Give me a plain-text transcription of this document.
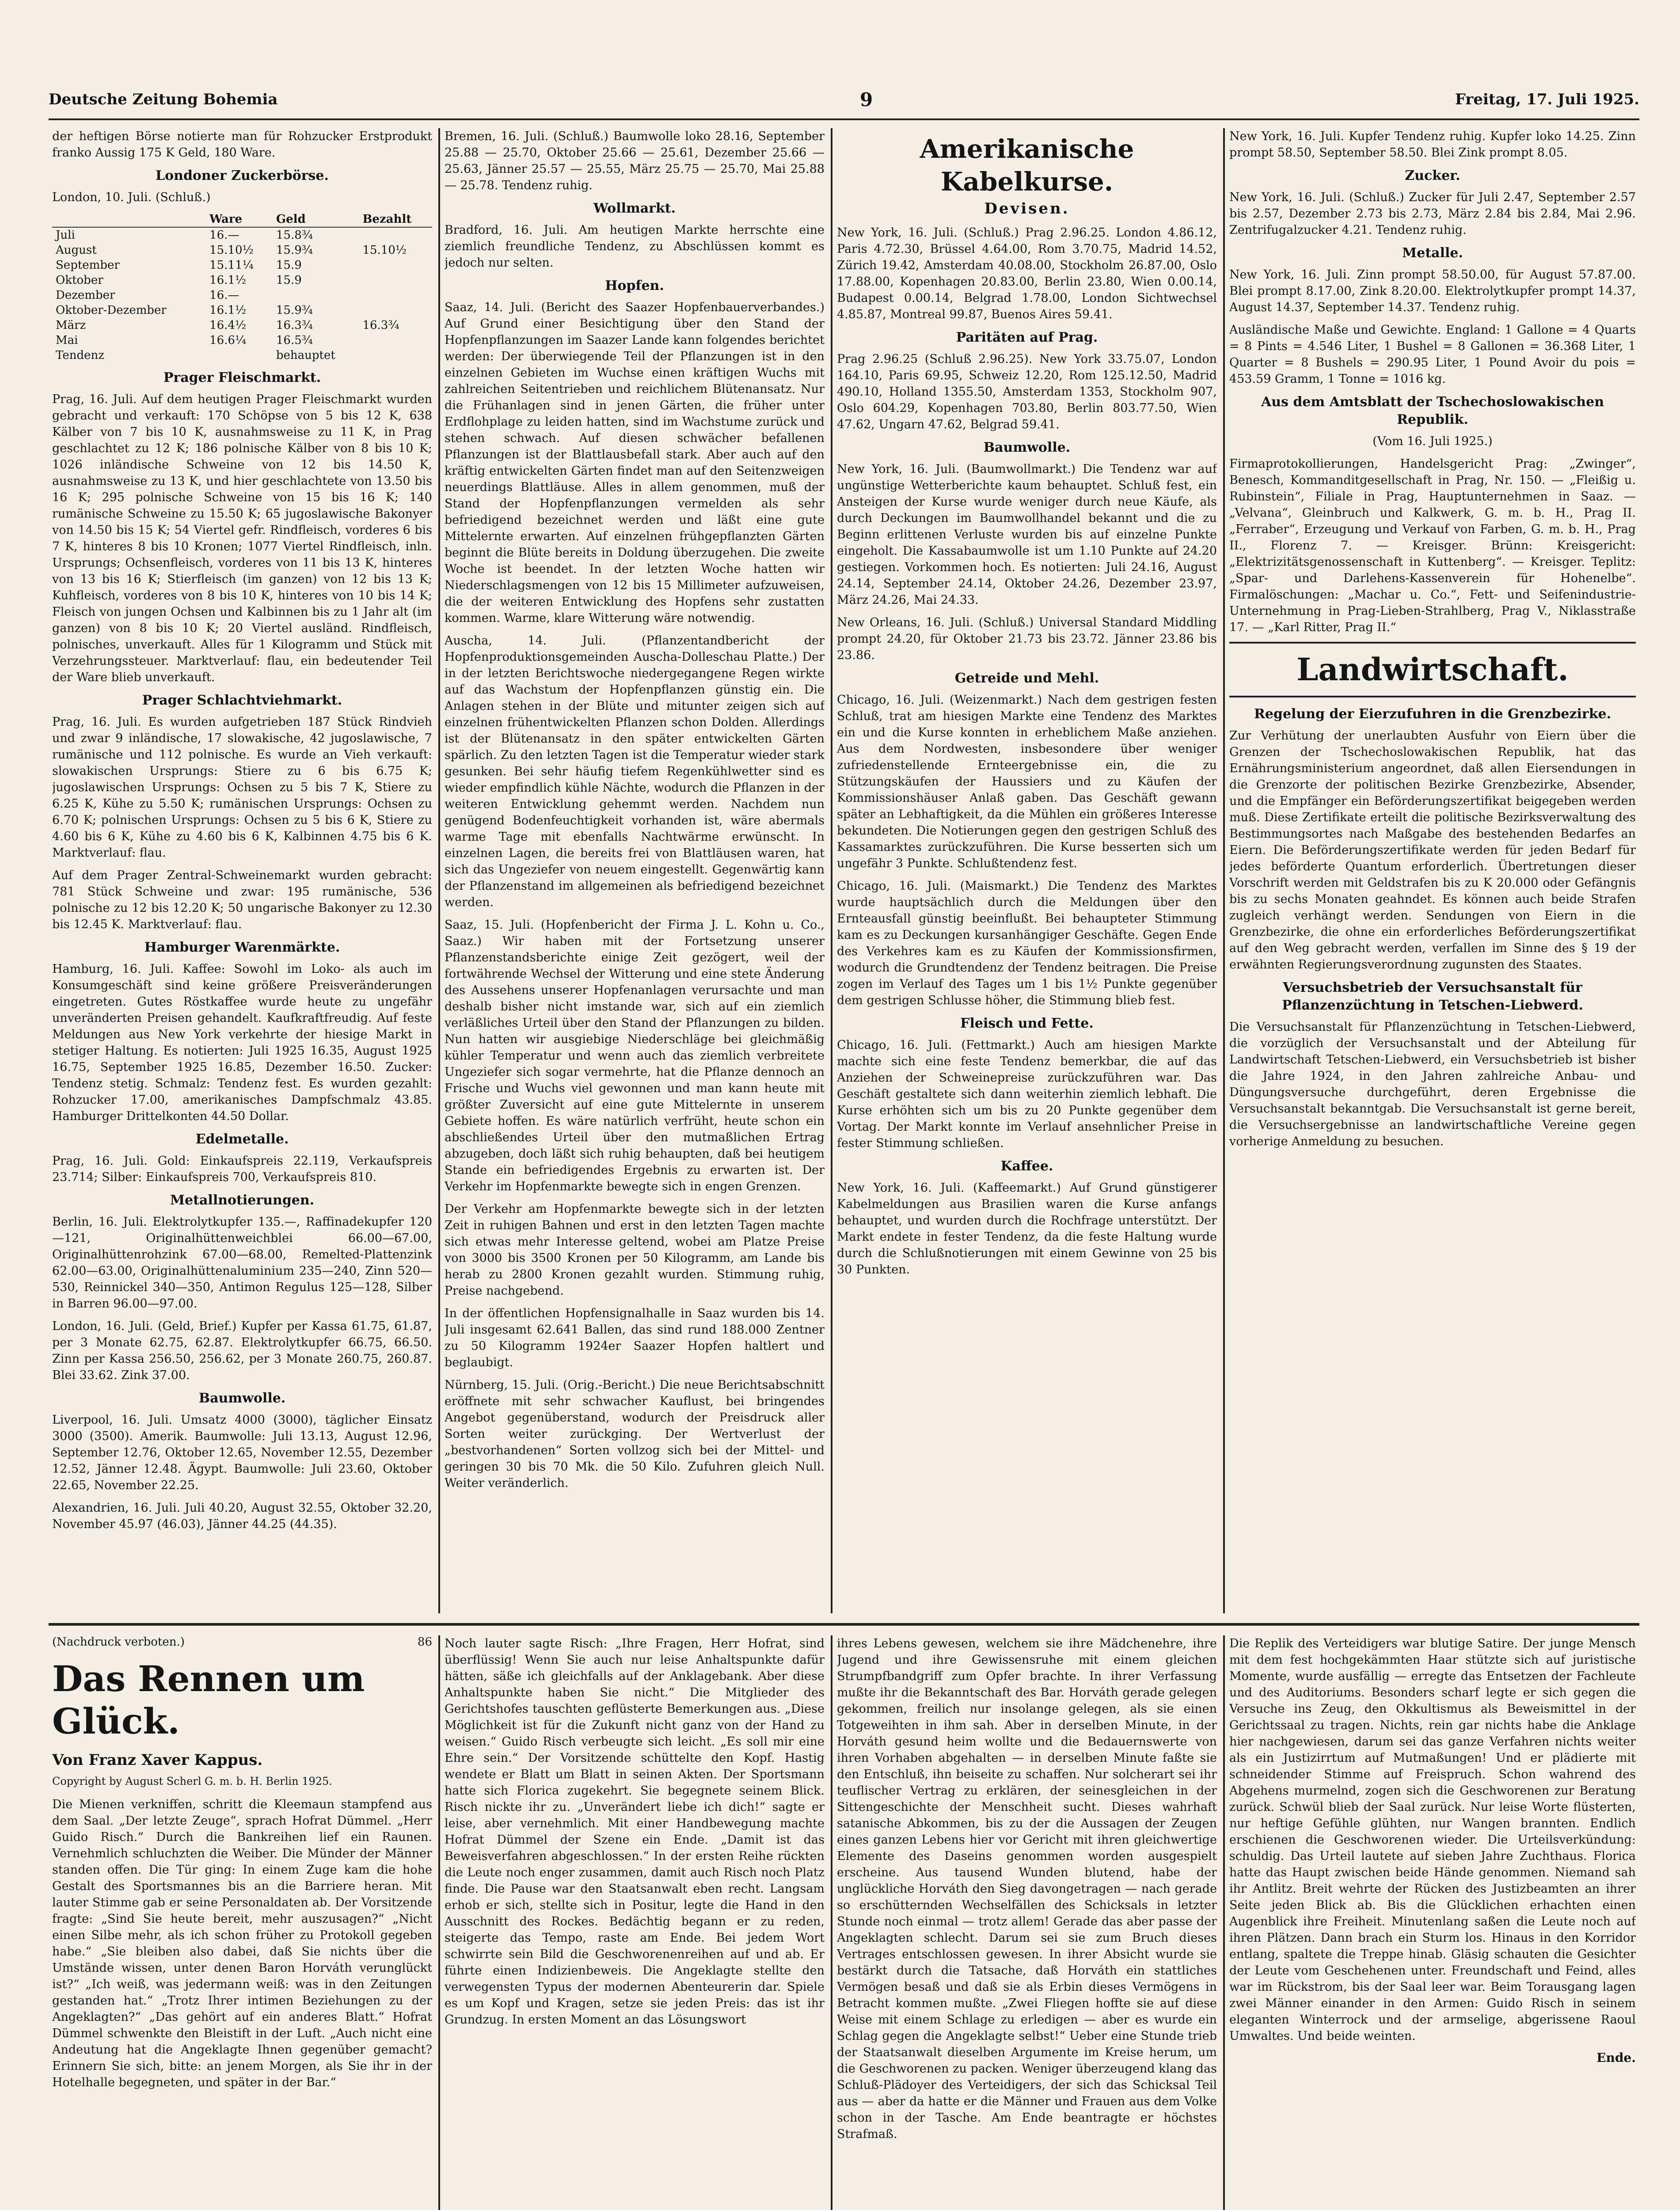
Deutsche Zeitung Bohemia	9	Freitag, 17. Juli 1925.

der heftigen Börse notierte man für Rohzucker Erstprodukt franko Aussig 175 K Geld, 180 Ware.

Londoner Zuckerbörse.

London, 10. Juli. (Schluß.)

	Ware	Geld	Bezahlt
Juli	16.—	15.8¾	
August	15.10½	15.9¾	15.10½
September	15.11¼	15.9	
Oktober	16.1½	15.9	
Dezember	16.—		
Oktober-Dezember	16.1½	15.9¾	
März	16.4½	16.3¾	16.3¾
Mai	16.6¼	16.5¾	
Tendenz		behauptet	
Prager Fleischmarkt.

Prag, 16. Juli. Auf dem heutigen Prager Fleischmarkt wurden gebracht und verkauft: 170 Schöpse von 5 bis 12 K, 638 Kälber von 7 bis 10 K, ausnahmsweise zu 11 K, in Prag geschlachtet zu 12 K; 186 polnische Kälber von 8 bis 10 K; 1026 inländische Schweine von 12 bis 14.50 K, ausnahmsweise zu 13 K, und hier geschlachtete von 13.50 bis 16 K; 295 polnische Schweine von 15 bis 16 K; 140 rumänische Schweine zu 15.50 K; 65 jugoslawische Bakonyer von 14.50 bis 15 K; 54 Viertel gefr. Rindfleisch, vorderes 6 bis 7 K, hinteres 8 bis 10 Kronen; 1077 Viertel Rindfleisch, inln. Ursprungs; Ochsenfleisch, vorderes von 11 bis 13 K, hinteres von 13 bis 16 K; Stierfleisch (im ganzen) von 12 bis 13 K; Kuhfleisch, vorderes von 8 bis 10 K, hinteres von 10 bis 14 K; Fleisch von jungen Ochsen und Kalbinnen bis zu 1 Jahr alt (im ganzen) von 8 bis 10 K; 20 Viertel ausländ. Rindfleisch, polnisches, unverkauft. Alles für 1 Kilogramm und Stück mit Verzehrungssteuer. Marktverlauf: flau, ein bedeutender Teil der Ware blieb unverkauft.

Prager Schlachtviehmarkt.

Prag, 16. Juli. Es wurden aufgetrieben 187 Stück Rindvieh und zwar 9 inländische, 17 slowakische, 42 jugoslawische, 7 rumänische und 112 polnische. Es wurde an Vieh verkauft: slowakischen Ursprungs: Stiere zu 6 bis 6.75 K; jugoslawischen Ursprungs: Ochsen zu 5 bis 7 K, Stiere zu 6.25 K, Kühe zu 5.50 K; rumänischen Ursprungs: Ochsen zu 6.70 K; polnischen Ursprungs: Ochsen zu 5 bis 6 K, Stiere zu 4.60 bis 6 K, Kühe zu 4.60 bis 6 K, Kalbinnen 4.75 bis 6 K. Marktverlauf: flau.

Auf dem Prager Zentral-Schweinemarkt wurden gebracht: 781 Stück Schweine und zwar: 195 rumänische, 536 polnische zu 12 bis 12.20 K; 50 ungarische Bakonyer zu 12.30 bis 12.45 K. Marktverlauf: flau.

Hamburger Warenmärkte.

Hamburg, 16. Juli. Kaffee: Sowohl im Loko- als auch im Konsumgeschäft sind keine größere Preisveränderungen eingetreten. Gutes Röstkaffee wurde heute zu ungefähr unveränderten Preisen gehandelt. Kaufkraftfreudig. Auf feste Meldungen aus New York verkehrte der hiesige Markt in stetiger Haltung. Es notierten: Juli 1925 16.35, August 1925 16.75, September 1925 16.85, Dezember 16.50. Zucker: Tendenz stetig. Schmalz: Tendenz fest. Es wurden gezahlt: Rohzucker 17.00, amerikanisches Dampfschmalz 43.85. Hamburger Drittelkonten 44.50 Dollar.

Edelmetalle.

Prag, 16. Juli. Gold: Einkaufspreis 22.119, Verkaufspreis 23.714; Silber: Einkaufspreis 700, Verkaufspreis 810.

Metallnotierungen.

Berlin, 16. Juli. Elektrolytkupfer 135.—, Raffinadekupfer 120—121, Originalhüttenweichblei 66.00—67.00, Originalhüttenrohzink 67.00—68.00, Remelted-Plattenzink 62.00—63.00, Originalhüttenaluminium 235—240, Zinn 520—530, Reinnickel 340—350, Antimon Regulus 125—128, Silber in Barren 96.00—97.00.

London, 16. Juli. (Geld, Brief.) Kupfer per Kassa 61.75, 61.87, per 3 Monate 62.75, 62.87. Elektrolytkupfer 66.75, 66.50. Zinn per Kassa 256.50, 256.62, per 3 Monate 260.75, 260.87. Blei 33.62. Zink 37.00.

Baumwolle.

Liverpool, 16. Juli. Umsatz 4000 (3000), täglicher Einsatz 3000 (3500). Amerik. Baumwolle: Juli 13.13, August 12.96, September 12.76, Oktober 12.65, November 12.55, Dezember 12.52, Jänner 12.48. Ägypt. Baumwolle: Juli 23.60, Oktober 22.65, November 22.25.

Alexandrien, 16. Juli. Juli 40.20, August 32.55, Oktober 32.20, November 45.97 (46.03), Jänner 44.25 (44.35).

Bremen, 16. Juli. (Schluß.) Baumwolle loko 28.16, September 25.88 — 25.70, Oktober 25.66 — 25.61, Dezember 25.66 — 25.63, Jänner 25.57 — 25.55, März 25.75 — 25.70, Mai 25.88 — 25.78. Tendenz ruhig.

Wollmarkt.

Bradford, 16. Juli. Am heutigen Markte herrschte eine ziemlich freundliche Tendenz, zu Abschlüssen kommt es jedoch nur selten.

Hopfen.

Saaz, 14. Juli. (Bericht des Saazer Hopfenbauerverbandes.) Auf Grund einer Besichtigung über den Stand der Hopfenpflanzungen im Saazer Lande kann folgendes berichtet werden: Der überwiegende Teil der Pflanzungen ist in den einzelnen Gebieten im Wuchse einen kräftigen Wuchs mit zahlreichen Seitentrieben und reichlichem Blütenansatz. Nur die Frühanlagen sind in jenen Gärten, die früher unter Erdflohplage zu leiden hatten, sind im Wachstume zurück und stehen schwach. Auf diesen schwächer befallenen Pflanzungen ist der Blattlausbefall stark. Aber auch auf den kräftig entwickelten Gärten findet man auf den Seitenzweigen neuerdings Blattläuse. Alles in allem genommen, muß der Stand der Hopfenpflanzungen vermelden als sehr befriedigend bezeichnet werden und läßt eine gute Mittelernte erwarten. Auf einzelnen frühgepflanzten Gärten beginnt die Blüte bereits in Doldung überzugehen. Die zweite Woche ist beendet. In der letzten Woche hatten wir Niederschlagsmengen von 12 bis 15 Millimeter aufzuweisen, die der weiteren Entwicklung des Hopfens sehr zustatten kommen. Warme, klare Witterung wäre notwendig.

Auscha, 14. Juli. (Pflanzentandbericht der Hopfenproduktionsgemeinden Auscha-Dolleschau Platte.) Der in der letzten Berichtswoche niedergegangene Regen wirkte auf das Wachstum der Hopfenpflanzen günstig ein. Die Anlagen stehen in der Blüte und mitunter zeigen sich auf einzelnen frühentwickelten Pflanzen schon Dolden. Allerdings ist der Blütenansatz in den später entwickelten Gärten spärlich. Zu den letzten Tagen ist die Temperatur wieder stark gesunken. Bei sehr häufig tiefem Regenkühlwetter sind es wieder empfindlich kühle Nächte, wodurch die Pflanzen in der weiteren Entwicklung gehemmt werden. Nachdem nun genügend Bodenfeuchtigkeit vorhanden ist, wäre abermals warme Tage mit ebenfalls Nachtwärme erwünscht. In einzelnen Lagen, die bereits frei von Blattläusen waren, hat sich das Ungeziefer von neuem eingestellt. Gegenwärtig kann der Pflanzenstand im allgemeinen als befriedigend bezeichnet werden.

Saaz, 15. Juli. (Hopfenbericht der Firma J. L. Kohn u. Co., Saaz.) Wir haben mit der Fortsetzung unserer Pflanzenstandsberichte einige Zeit gezögert, weil der fortwährende Wechsel der Witterung und eine stete Änderung des Aussehens unserer Hopfenanlagen verursachte und man deshalb bisher nicht imstande war, sich auf ein ziemlich verläßliches Urteil über den Stand der Pflanzungen zu bilden. Nun hatten wir ausgiebige Niederschläge bei gleichmäßig kühler Temperatur und wenn auch das ziemlich verbreitete Ungeziefer sich sogar vermehrte, hat die Pflanze dennoch an Frische und Wuchs viel gewonnen und man kann heute mit größter Zuversicht auf eine gute Mittelernte in unserem Gebiete hoffen. Es wäre natürlich verfrüht, heute schon ein abschließendes Urteil über den mutmaßlichen Ertrag abzugeben, doch läßt sich ruhig behaupten, daß bei heutigem Stande ein befriedigendes Ergebnis zu erwarten ist. Der Verkehr im Hopfenmarkte bewegte sich in engen Grenzen.

Der Verkehr am Hopfenmarkte bewegte sich in der letzten Zeit in ruhigen Bahnen und erst in den letzten Tagen machte sich etwas mehr Interesse geltend, wobei am Platze Preise von 3000 bis 3500 Kronen per 50 Kilogramm, am Lande bis herab zu 2800 Kronen gezahlt wurden. Stimmung ruhig, Preise nachgebend.

In der öffentlichen Hopfensignalhalle in Saaz wurden bis 14. Juli insgesamt 62.641 Ballen, das sind rund 188.000 Zentner zu 50 Kilogramm 1924er Saazer Hopfen haltlert und beglaubigt.

Nürnberg, 15. Juli. (Orig.-Bericht.) Die neue Berichtsabschnitt eröffnete mit sehr schwacher Kauflust, bei bringendes Angebot gegenüberstand, wodurch der Preisdruck aller Sorten weiter zurückging. Der Wertverlust der „bestvorhandenen“ Sorten vollzog sich bei der Mittel- und geringen 30 bis 70 Mk. die 50 Kilo. Zufuhren gleich Null. Weiter veränderlich.

Amerikanische Kabelkurse.
Devisen.

New York, 16. Juli. (Schluß.) Prag 2.96.25. London 4.86.12, Paris 4.72.30, Brüssel 4.64.00, Rom 3.70.75, Madrid 14.52, Zürich 19.42, Amsterdam 40.08.00, Stockholm 26.87.00, Oslo 17.88.00, Kopenhagen 20.83.00, Berlin 23.80, Wien 0.00.14, Budapest 0.00.14, Belgrad 1.78.00, London Sichtwechsel 4.85.87, Montreal 99.87, Buenos Aires 59.41.

Paritäten auf Prag.

Prag 2.96.25 (Schluß 2.96.25). New York 33.75.07, London 164.10, Paris 69.95, Schweiz 12.20, Rom 125.12.50, Madrid 490.10, Holland 1355.50, Amsterdam 1353, Stockholm 907, Oslo 604.29, Kopenhagen 703.80, Berlin 803.77.50, Wien 47.62, Ungarn 47.62, Belgrad 59.41.

Baumwolle.

New York, 16. Juli. (Baumwollmarkt.) Die Tendenz war auf ungünstige Wetterberichte kaum behauptet. Schluß fest, ein Ansteigen der Kurse wurde weniger durch neue Käufe, als durch Deckungen im Baumwollhandel bekannt und die zu Beginn erlittenen Verluste wurden bis auf einzelne Punkte eingeholt. Die Kassabaumwolle ist um 1.10 Punkte auf 24.20 gestiegen. Vorkommen hoch. Es notierten: Juli 24.16, August 24.14, September 24.14, Oktober 24.26, Dezember 23.97, März 24.26, Mai 24.33.

New Orleans, 16. Juli. (Schluß.) Universal Standard Middling prompt 24.20, für Oktober 21.73 bis 23.72. Jänner 23.86 bis 23.86.

Getreide und Mehl.

Chicago, 16. Juli. (Weizenmarkt.) Nach dem gestrigen festen Schluß, trat am hiesigen Markte eine Tendenz des Marktes ein und die Kurse konnten in erheblichem Maße anziehen. Aus dem Nordwesten, insbesondere über weniger zufriedenstellende Ernteergebnisse ein, die zu Stützungskäufen der Haussiers und zu Käufen der Kommissionshäuser Anlaß gaben. Das Geschäft gewann später an Lebhaftigkeit, da die Mühlen ein größeres Interesse bekundeten. Die Notierungen gegen den gestrigen Schluß des Kassamarktes zurückzuführen. Die Kurse besserten sich um ungefähr 3 Punkte. Schlußtendenz fest.

Chicago, 16. Juli. (Maismarkt.) Die Tendenz des Marktes wurde hauptsächlich durch die Meldungen über den Ernteausfall günstig beeinflußt. Bei behaupteter Stimmung kam es zu Deckungen kursanhängiger Geschäfte. Gegen Ende des Verkehres kam es zu Käufen der Kommissionsfirmen, wodurch die Grundtendenz der Tendenz beitragen. Die Preise zogen im Verlauf des Tages um 1 bis 1½ Punkte gegenüber dem gestrigen Schlusse höher, die Stimmung blieb fest.

Fleisch und Fette.

Chicago, 16. Juli. (Fettmarkt.) Auch am hiesigen Markte machte sich eine feste Tendenz bemerkbar, die auf das Anziehen der Schweinepreise zurückzuführen war. Das Geschäft gestaltete sich dann weiterhin ziemlich lebhaft. Die Kurse erhöhten sich um bis zu 20 Punkte gegenüber dem Vortag. Der Markt konnte im Verlauf ansehnlicher Preise in fester Stimmung schließen.

Kaffee.

New York, 16. Juli. (Kaffeemarkt.) Auf Grund günstigerer Kabelmeldungen aus Brasilien waren die Kurse anfangs behauptet, und wurden durch die Rochfrage unterstützt. Der Markt endete in fester Tendenz, da die feste Haltung wurde durch die Schlußnotierungen mit einem Gewinne von 25 bis 30 Punkten.

New York, 16. Juli. Kupfer Tendenz ruhig. Kupfer loko 14.25. Zinn prompt 58.50, September 58.50. Blei Zink prompt 8.05.

Zucker.

New York, 16. Juli. (Schluß.) Zucker für Juli 2.47, September 2.57 bis 2.57, Dezember 2.73 bis 2.73, März 2.84 bis 2.84, Mai 2.96. Zentrifugalzucker 4.21. Tendenz ruhig.

Metalle.

New York, 16. Juli. Zinn prompt 58.50.00, für August 57.87.00. Blei prompt 8.17.00, Zink 8.20.00. Elektrolytkupfer prompt 14.37, August 14.37, September 14.37. Tendenz ruhig.

Ausländische Maße und Gewichte. England: 1 Gallone = 4 Quarts = 8 Pints = 4.546 Liter, 1 Bushel = 8 Gallonen = 36.368 Liter, 1 Quarter = 8 Bushels = 290.95 Liter, 1 Pound Avoir du pois = 453.59 Gramm, 1 Tonne = 1016 kg.

Aus dem Amtsblatt der Tschechoslowakischen Republik.

(Vom 16. Juli 1925.)

Firmaprotokollierungen, Handelsgericht Prag: „Zwinger“, Benesch, Kommanditgesellschaft in Prag, Nr. 150. — „Fleißig u. Rubinstein“, Filiale in Prag, Hauptunternehmen in Saaz. — „Velvana“, Gleinbruch und Kalkwerk, G. m. b. H., Prag II. „Ferraber“, Erzeugung und Verkauf von Farben, G. m. b. H., Prag II., Florenz 7. — Kreisger. Brünn: Kreisgericht: „Elektrizitätsgenossenschaft in Kuttenberg“. — Kreisger. Teplitz: „Spar- und Darlehens-Kassenverein für Hohenelbe“. Firmalöschungen: „Machar u. Co.“, Fett- und Seifenindustrie-Unternehmung in Prag-Lieben-Strahlberg, Prag V., Niklasstraße 17. — „Karl Ritter, Prag II.“

Landwirtschaft.
Regelung der Eierzufuhren in die Grenzbezirke.

Zur Verhütung der unerlaubten Ausfuhr von Eiern über die Grenzen der Tschechoslowakischen Republik, hat das Ernährungsministerium angeordnet, daß allen Eiersendungen in die Grenzorte der politischen Bezirke Grenzbezirke, Absender, und die Empfänger ein Beförderungszertifikat beigegeben werden muß. Diese Zertifikate erteilt die politische Bezirksverwaltung des Bestimmungsortes nach Maßgabe des bestehenden Bedarfes an Eiern. Die Beförderungszertifikate werden für jeden Bedarf für jedes beförderte Quantum erforderlich. Übertretungen dieser Vorschrift werden mit Geldstrafen bis zu K 20.000 oder Gefängnis bis zu sechs Monaten geahndet. Es können auch beide Strafen zugleich verhängt werden. Sendungen von Eiern in die Grenzbezirke, die ohne ein erforderliches Beförderungszertifikat auf den Weg gebracht werden, verfallen im Sinne des § 19 der erwähnten Regierungsverordnung zugunsten des Staates.

Versuchsbetrieb der Versuchsanstalt für Pflanzenzüchtung in Tetschen-Liebwerd.

Die Versuchsanstalt für Pflanzenzüchtung in Tetschen-Liebwerd, die vorzüglich der Versuchsanstalt und der Abteilung für Landwirtschaft Tetschen-Liebwerd, ein Versuchsbetrieb ist bisher die Jahre 1924, in den Jahren zahlreiche Anbau- und Düngungsversuche durchgeführt, deren Ergebnisse die Versuchsanstalt bekanntgab. Die Versuchsanstalt ist gerne bereit, die Versuchsergebnisse an landwirtschaftliche Vereine gegen vorherige Anmeldung zu besuchen.

(Nachdruck verboten.)	86
Das Rennen um Glück.
Von Franz Xaver Kappus.
Copyright by August Scherl G. m. b. H. Berlin 1925.

Die Mienen verkniffen, schritt die Kleemaun stampfend aus dem Saal. „Der letzte Zeuge“, sprach Hofrat Dümmel. „Herr Guido Risch.“ Durch die Bankreihen lief ein Raunen. Vernehmlich schluchzten die Weiber. Die Münder der Männer standen offen. Die Tür ging: In einem Zuge kam die hohe Gestalt des Sportsmannes bis an die Barriere heran. Mit lauter Stimme gab er seine Personaldaten ab. Der Vorsitzende fragte: „Sind Sie heute bereit, mehr auszusagen?“ „Nicht einen Silbe mehr, als ich schon früher zu Protokoll gegeben habe.“ „Sie bleiben also dabei, daß Sie nichts über die Umstände wissen, unter denen Baron Horváth verunglückt ist?“ „Ich weiß, was jedermann weiß: was in den Zeitungen gestanden hat.“ „Trotz Ihrer intimen Beziehungen zu der Angeklagten?“ „Das gehört auf ein anderes Blatt.“ Hofrat Dümmel schwenkte den Bleistift in der Luft. „Auch nicht eine Andeutung hat die Angeklagte Ihnen gegenüber gemacht? Erinnern Sie sich, bitte: an jenem Morgen, als Sie ihr in der Hotelhalle begegneten, und später in der Bar.“

Noch lauter sagte Risch: „Ihre Fragen, Herr Hofrat, sind überflüssig! Wenn Sie auch nur leise Anhaltspunkte dafür hätten, säße ich gleichfalls auf der Anklagebank. Aber diese Anhaltspunkte haben Sie nicht.“ Die Mitglieder des Gerichtshofes tauschten geflüsterte Bemerkungen aus. „Diese Möglichkeit ist für die Zukunft nicht ganz von der Hand zu weisen.“ Guido Risch verbeugte sich leicht. „Es soll mir eine Ehre sein.“ Der Vorsitzende schüttelte den Kopf. Hastig wendete er Blatt um Blatt in seinen Akten. Der Sportsmann hatte sich Florica zugekehrt. Sie begegnete seinem Blick. Risch nickte ihr zu. „Unverändert liebe ich dich!“ sagte er leise, aber vernehmlich. Mit einer Handbewegung machte Hofrat Dümmel der Szene ein Ende. „Damit ist das Beweisverfahren abgeschlossen.“ In der ersten Reihe rückten die Leute noch enger zusammen, damit auch Risch noch Platz finde. Die Pause war den Staatsanwalt eben recht. Langsam erhob er sich, stellte sich in Positur, legte die Hand in den Ausschnitt des Rockes. Bedächtig begann er zu reden, steigerte das Tempo, raste am Ende. Bei jedem Wort schwirrte sein Bild die Geschworenenreihen auf und ab. Er führte einen Indizienbeweis. Die Angeklagte stellte den verwegensten Typus der modernen Abenteurerin dar. Spiele es um Kopf und Kragen, setze sie jeden Preis: das ist ihr Grundzug. In ersten Moment an das Lösungswort

ihres Lebens gewesen, welchem sie ihre Mädchenehre, ihre Jugend und ihre Gewissensruhe mit einem gleichen Strumpfbandgriff zum Opfer brachte. In ihrer Verfassung mußte ihr die Bekanntschaft des Bar. Horváth gerade gelegen gekommen, freilich nur insolange gelegen, als sie einen Totgeweihten in ihm sah. Aber in derselben Minute, in der Horváth gesund heim wollte und die Bedauernswerte von ihren Vorhaben abgehalten — in derselben Minute faßte sie den Entschluß, ihn beiseite zu schaffen. Nur solcherart sei ihr teuflischer Vertrag zu erklären, der seinesgleichen in der Sittengeschichte der Menschheit sucht. Dieses wahrhaft satanische Abkommen, bis zu der die Aussagen der Zeugen eines ganzen Lebens hier vor Gericht mit ihren gleichwertige Elemente des Daseins genommen worden ausgespielt erscheine. Aus tausend Wunden blutend, habe der unglückliche Horváth den Sieg davongetragen — nach gerade so erschütternden Wechselfällen des Schicksals in letzter Stunde noch einmal — trotz allem! Gerade das aber passe der Angeklagten schlecht. Darum sei sie zum Bruch dieses Vertrages entschlossen gewesen. In ihrer Absicht wurde sie bestärkt durch die Tatsache, daß Horváth ein stattliches Vermögen besaß und daß sie als Erbin dieses Vermögens in Betracht kommen mußte. „Zwei Fliegen hoffte sie auf diese Weise mit einem Schlage zu erledigen — aber es wurde ein Schlag gegen die Angeklagte selbst!“ Ueber eine Stunde trieb der Staatsanwalt dieselben Argumente im Kreise herum, um die Geschworenen zu packen. Weniger überzeugend klang das Schluß-Plädoyer des Verteidigers, der sich das Schicksal Teil aus — aber da hatte er die Männer und Frauen aus dem Volke schon in der Tasche. Am Ende beantragte er höchstes Strafmaß.

Die Replik des Verteidigers war blutige Satire. Der junge Mensch mit dem fest hochgekämmten Haar stützte sich auf juristische Momente, wurde ausfällig — erregte das Entsetzen der Fachleute und des Auditoriums. Besonders scharf legte er sich gegen die Versuche ins Zeug, den Okkultismus als Beweismittel in der Gerichtssaal zu tragen. Nichts, rein gar nichts habe die Anklage hier nachgewiesen, darum sei das ganze Verfahren nichts weiter als ein Justizirrtum auf Mutmaßungen! Und er plädierte mit schneidender Stimme auf Freispruch. Schon wahrend des Abgehens murmelnd, zogen sich die Geschworenen zur Beratung zurück. Schwül blieb der Saal zurück. Nur leise Worte flüsterten, nur heftige Gefühle glühten, nur Wangen brannten. Endlich erschienen die Geschworenen wieder. Die Urteilsverkündung: schuldig. Das Urteil lautete auf sieben Jahre Zuchthaus. Florica hatte das Haupt zwischen beide Hände genommen. Niemand sah ihr Antlitz. Breit wehrte der Rücken des Justizbeamten an ihrer Seite jeden Blick ab. Bis die Glücklichen erhachten einen Augenblick ihre Freiheit. Minutenlang saßen die Leute noch auf ihren Plätzen. Dann brach ein Sturm los. Hinaus in den Korridor entlang, spaltete die Treppe hinab. Gläsig schauten die Gesichter der Leute vom Geschehenen unter. Freundschaft und Feind, alles war im Rückstrom, bis der Saal leer war. Beim Torausgang lagen zwei Männer einander in den Armen: Guido Risch in seinem eleganten Winterrock und der armselige, abgerissene Raoul Umwaltes. Und beide weinten.

Ende.
